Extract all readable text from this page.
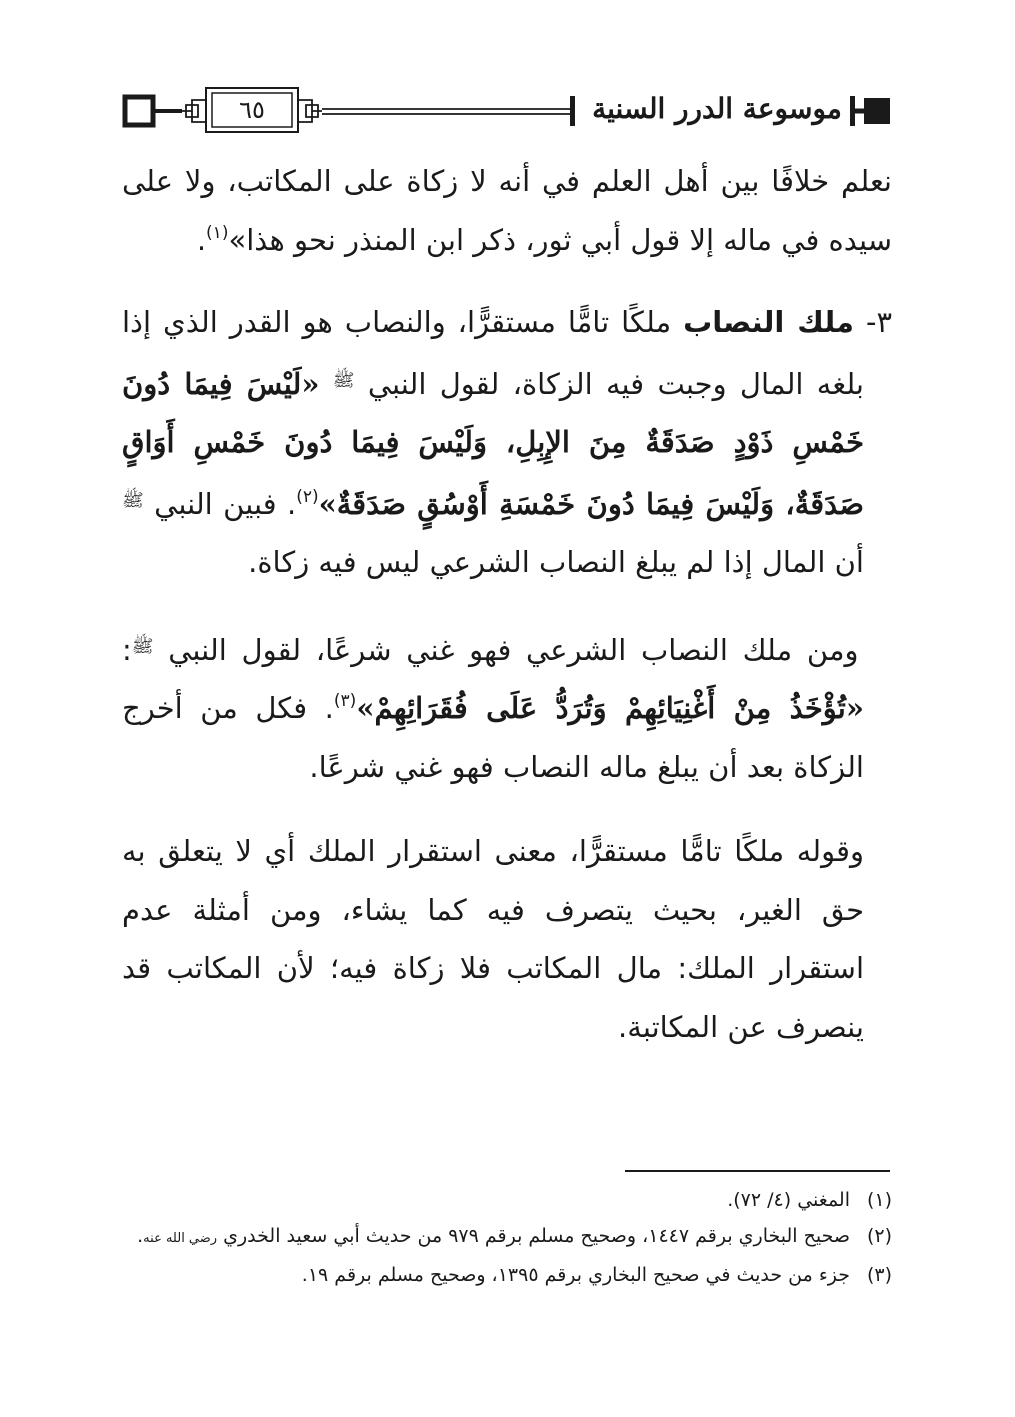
٦٥	موسوعة الدرر السنية

نعلم خلافًا بين أهل العلم في أنه لا زكاة على المكاتب، ولا على سيده في ماله إلا قول أبي ثور، ذكر ابن المنذر نحو هذا»$^{(١)}$.

٣- ملك النصاب ملكًا تامًّا مستقرًّا، والنصاب هو القدر الذي إذا بلغه المال وجبت فيه الزكاة، لقول النبي $^ﷺ$ «لَيْسَ فِيمَا دُونَ خَمْسِ ذَوْدٍ صَدَقَةٌ مِنَ الإِبِلِ، وَلَيْسَ فِيمَا دُونَ خَمْسِ أَوَاقٍ صَدَقَةٌ، وَلَيْسَ فِيمَا دُونَ خَمْسَةِ أَوْسُقٍ صَدَقَةٌ»$^{(٢)}$. فبين النبي $^ﷺ$ أن المال إذا لم يبلغ النصاب الشرعي ليس فيه زكاة.

ومن ملك النصاب الشرعي فهو غني شرعًا، لقول النبي $^ﷺ$: «تُؤْخَذُ مِنْ أَغْنِيَائِهِمْ وَتُرَدُّ عَلَى فُقَرَائِهِمْ»$^{(٣)}$. فكل من أخرج الزكاة بعد أن يبلغ ماله النصاب فهو غني شرعًا.

وقوله ملكًا تامًّا مستقرًّا، معنى استقرار الملك أي لا يتعلق به حق الغير، بحيث يتصرف فيه كما يشاء، ومن أمثلة عدم استقرار الملك: مال المكاتب فلا زكاة فيه؛ لأن المكاتب قد ينصرف عن المكاتبة.

(١)
المغني (٤/ ٧٢).
(٢)
صحيح البخاري برقم ١٤٤٧، وصحيح مسلم برقم ٩٧٩ من حديث أبي سعيد الخدري رضي الله عنه.
(٣)
جزء من حديث في صحيح البخاري برقم ١٣٩٥، وصحيح مسلم برقم ١٩.
